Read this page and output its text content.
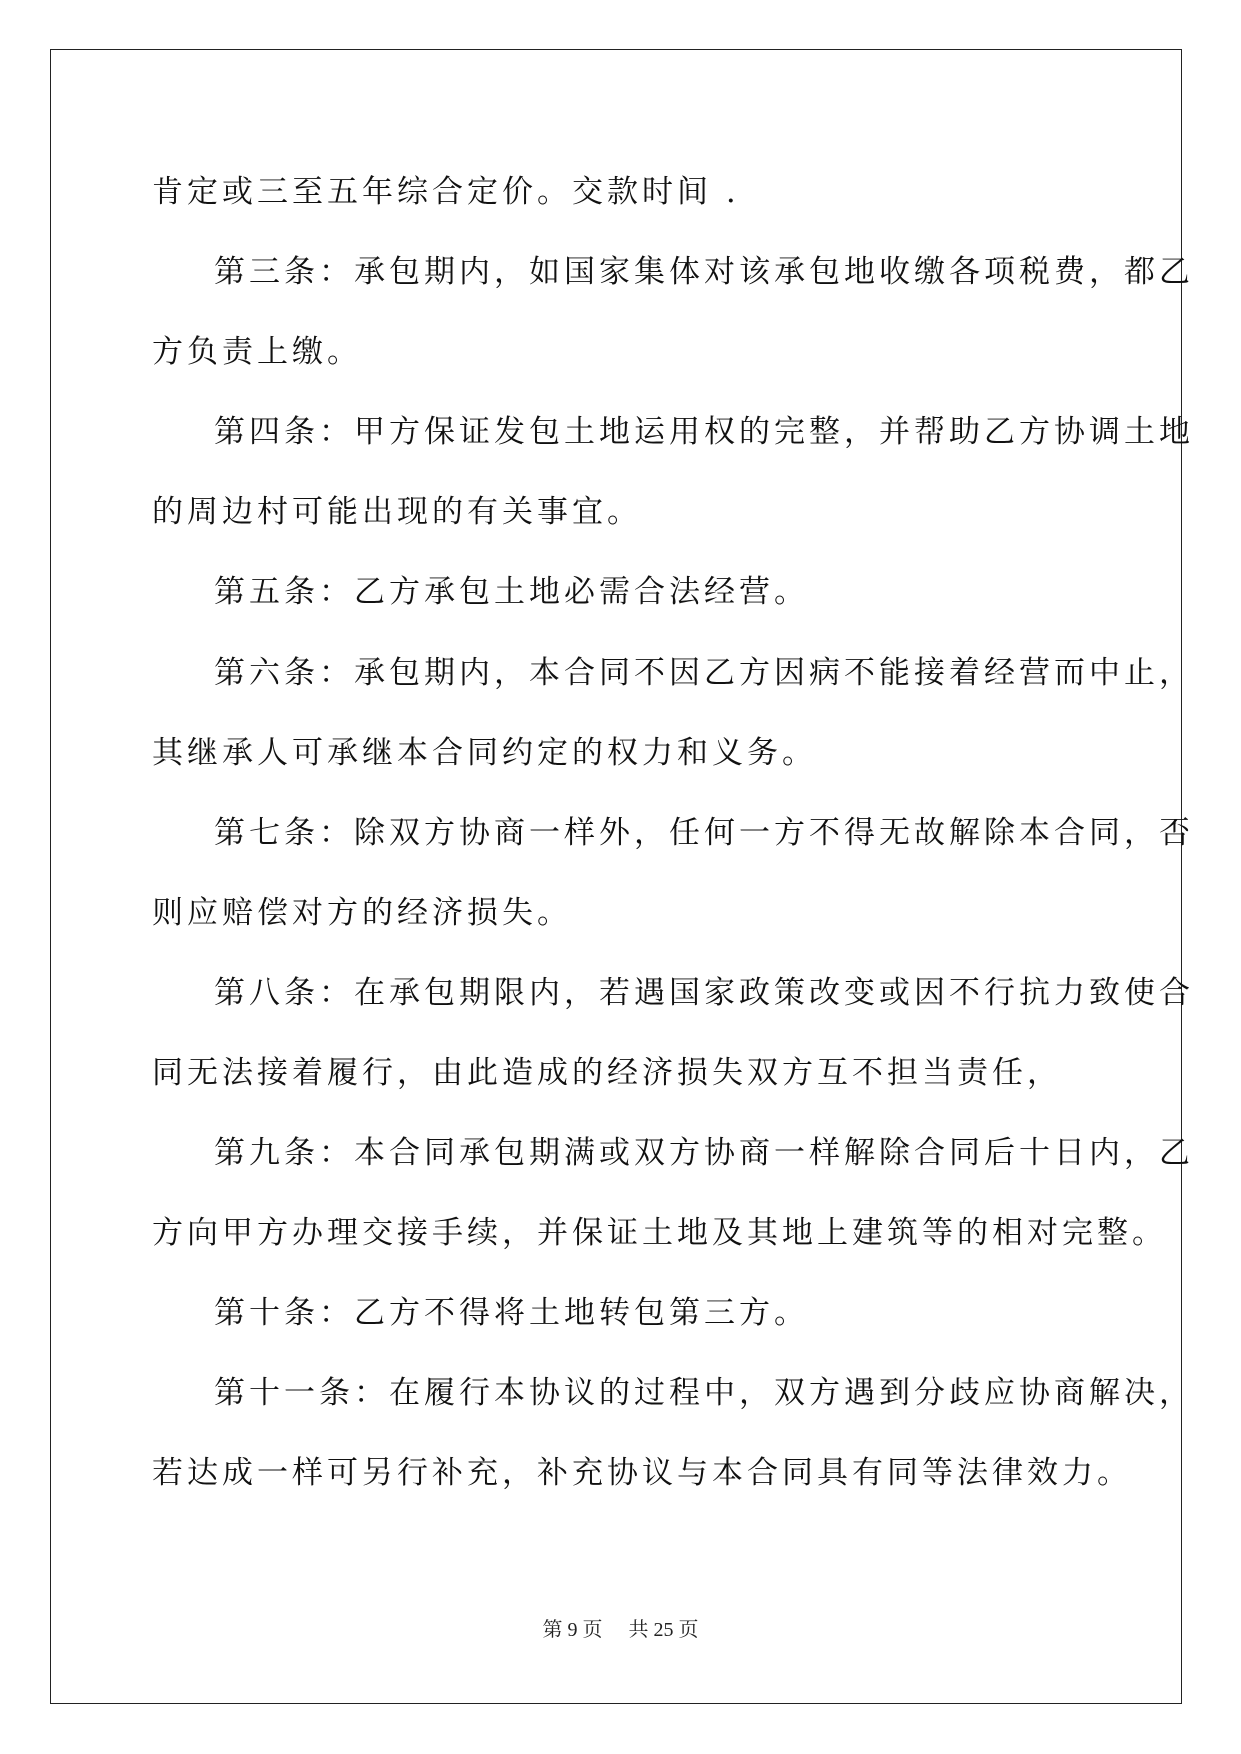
肯定或三至五年综合定价。交款时间 .
第三条：承包期内，如国家集体对该承包地收缴各项税费，都乙
方负责上缴。
第四条：甲方保证发包土地运用权的完整，并帮助乙方协调土地
的周边村可能出现的有关事宜。
第五条：乙方承包土地必需合法经营。
第六条：承包期内，本合同不因乙方因病不能接着经营而中止，
其继承人可承继本合同约定的权力和义务。
第七条：除双方协商一样外，任何一方不得无故解除本合同，否
则应赔偿对方的经济损失。
第八条：在承包期限内，若遇国家政策改变或因不行抗力致使合
同无法接着履行，由此造成的经济损失双方互不担当责任，
第九条：本合同承包期满或双方协商一样解除合同后十日内，乙
方向甲方办理交接手续，并保证土地及其地上建筑等的相对完整。
第十条：乙方不得将土地转包第三方。
第十一条：在履行本协议的过程中，双方遇到分歧应协商解决，
若达成一样可另行补充，补充协议与本合同具有同等法律效力。
第 9 页 共 25 页
